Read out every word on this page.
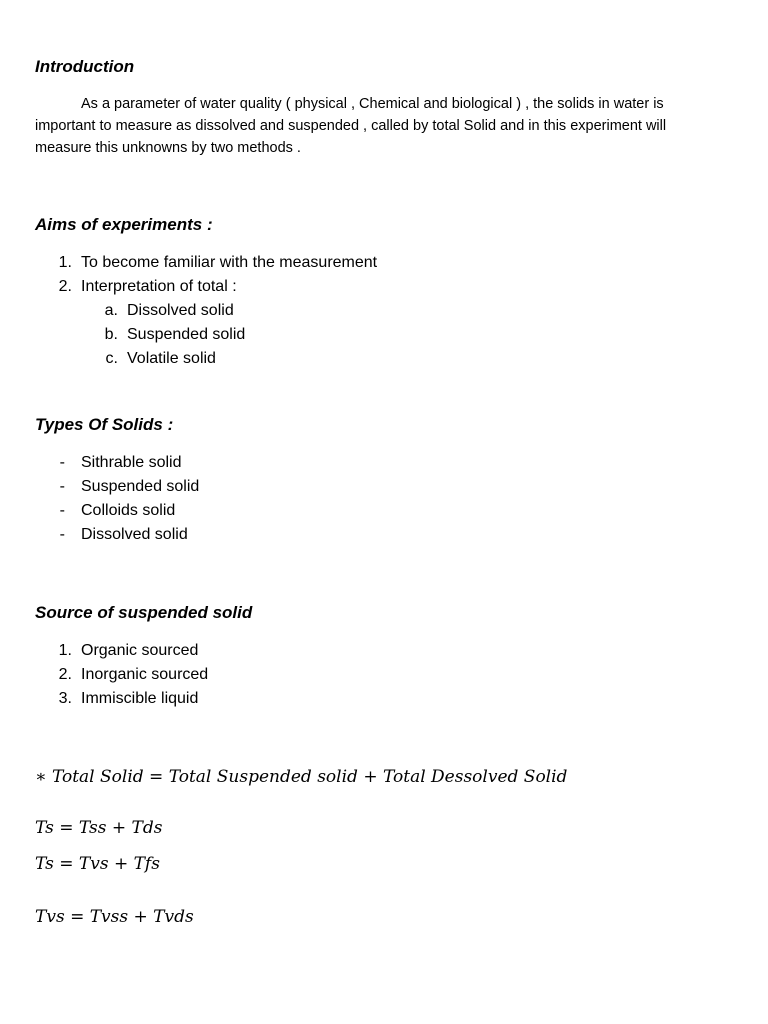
Introduction
As a parameter of water quality ( physical , Chemical and biological ) , the solids in water is important to measure as dissolved and suspended , called by total Solid and in this experiment will measure this unknowns by two methods .
Aims of experiments :
1. To become familiar with the measurement
2. Interpretation of total :
a. Dissolved solid
b. Suspended solid
c. Volatile solid
Types Of Solids :
- Sithrable solid
- Suspended solid
- Colloids solid
- Dissolved solid
Source of suspended solid
1. Organic sourced
2. Inorganic sourced
3. Immiscible liquid
∗ Total Solid = Total Suspended solid + Total Dessolved Solid
Ts = Tss + Tds
Ts = Tvs + Tfs
Tvs = Tvss + Tvds
